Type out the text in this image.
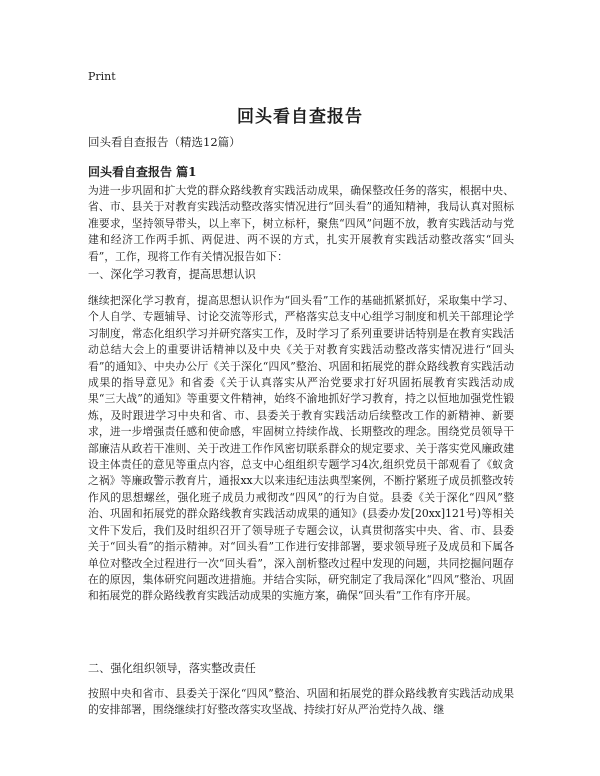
Print
回头看自查报告
回头看自查报告（精选12篇）
回头看自查报告 篇1

为进一步巩固和扩大党的群众路线教育实践活动成果，确保整改任务的落实，根据中央、省、市、县关于对教育实践活动整改落实情况进行“回头看”的通知精神，我局认真对照标准要求，坚持领导带头，以上率下，树立标杆，聚焦“四风”问题不放，教育实践活动与党建和经济工作两手抓、两促进、两不误的方式，扎实开展教育实践活动整改落实“回头看”，工作，现将工作有关情况报告如下：

一、深化学习教育，提高思想认识

继续把深化学习教育，提高思想认识作为“回头看”工作的基础抓紧抓好，采取集中学习、个人自学、专题辅导、讨论交流等形式，严格落实总支中心组学习制度和机关干部理论学习制度，常态化组织学习并研究落实工作，及时学习了系列重要讲话特别是在教育实践活动总结大会上的重要讲话精神以及中央《关于对教育实践活动整改落实情况进行“回头看”的通知》、中央办公厅《关于深化“四风”整治、巩固和拓展党的群众路线教育实践活动成果的指导意见》和省委《关于认真落实从严治党要求打好巩固拓展教育实践活动成果“三大战”的通知》等重要文件精神，始终不渝地抓好学习教育，持之以恒地加强党性锻炼，及时跟进学习中央和省、市、县委关于教育实践活动后续整改工作的新精神、新要求，进一步增强责任感和使命感，牢固树立持续作战、长期整改的理念。围绕党员领导干部廉洁从政若干准则、关于改进工作作风密切联系群众的规定要求、关于落实党风廉政建设主体责任的意见等重点内容，总支中心组组织专题学习4次,组织党员干部观看了《蚁贪之祸》等廉政警示教育片，通报xx大以来违纪违法典型案例，不断拧紧班子成员抓整改转作风的思想螺丝，强化班子成员力戒彻改“四风”的行为自觉。县委《关于深化“四风”整治、巩固和拓展党的群众路线教育实践活动成果的通知》(县委办发[20xx]121号)等相关文件下发后，我们及时组织召开了领导班子专题会议，认真贯彻落实中央、省、市、县委关于“回头看”的指示精神。对“回头看”工作进行安排部署，要求领导班子及成员和下属各单位对整改全过程进行一次“回头看”，深入剖析整改过程中发现的问题，共同挖掘问题存在的原因，集体研究问题改进措施。并结合实际，研究制定了我局深化“四风”整治、巩固和拓展党的群众路线教育实践活动成果的实施方案，确保“回头看”工作有序开展。

二、强化组织领导，落实整改责任

按照中央和省市、县委关于深化“四风”整治、巩固和拓展党的群众路线教育实践活动成果的安排部署，围绕继续打好整改落实攻坚战、持续打好从严治党持久战、继
